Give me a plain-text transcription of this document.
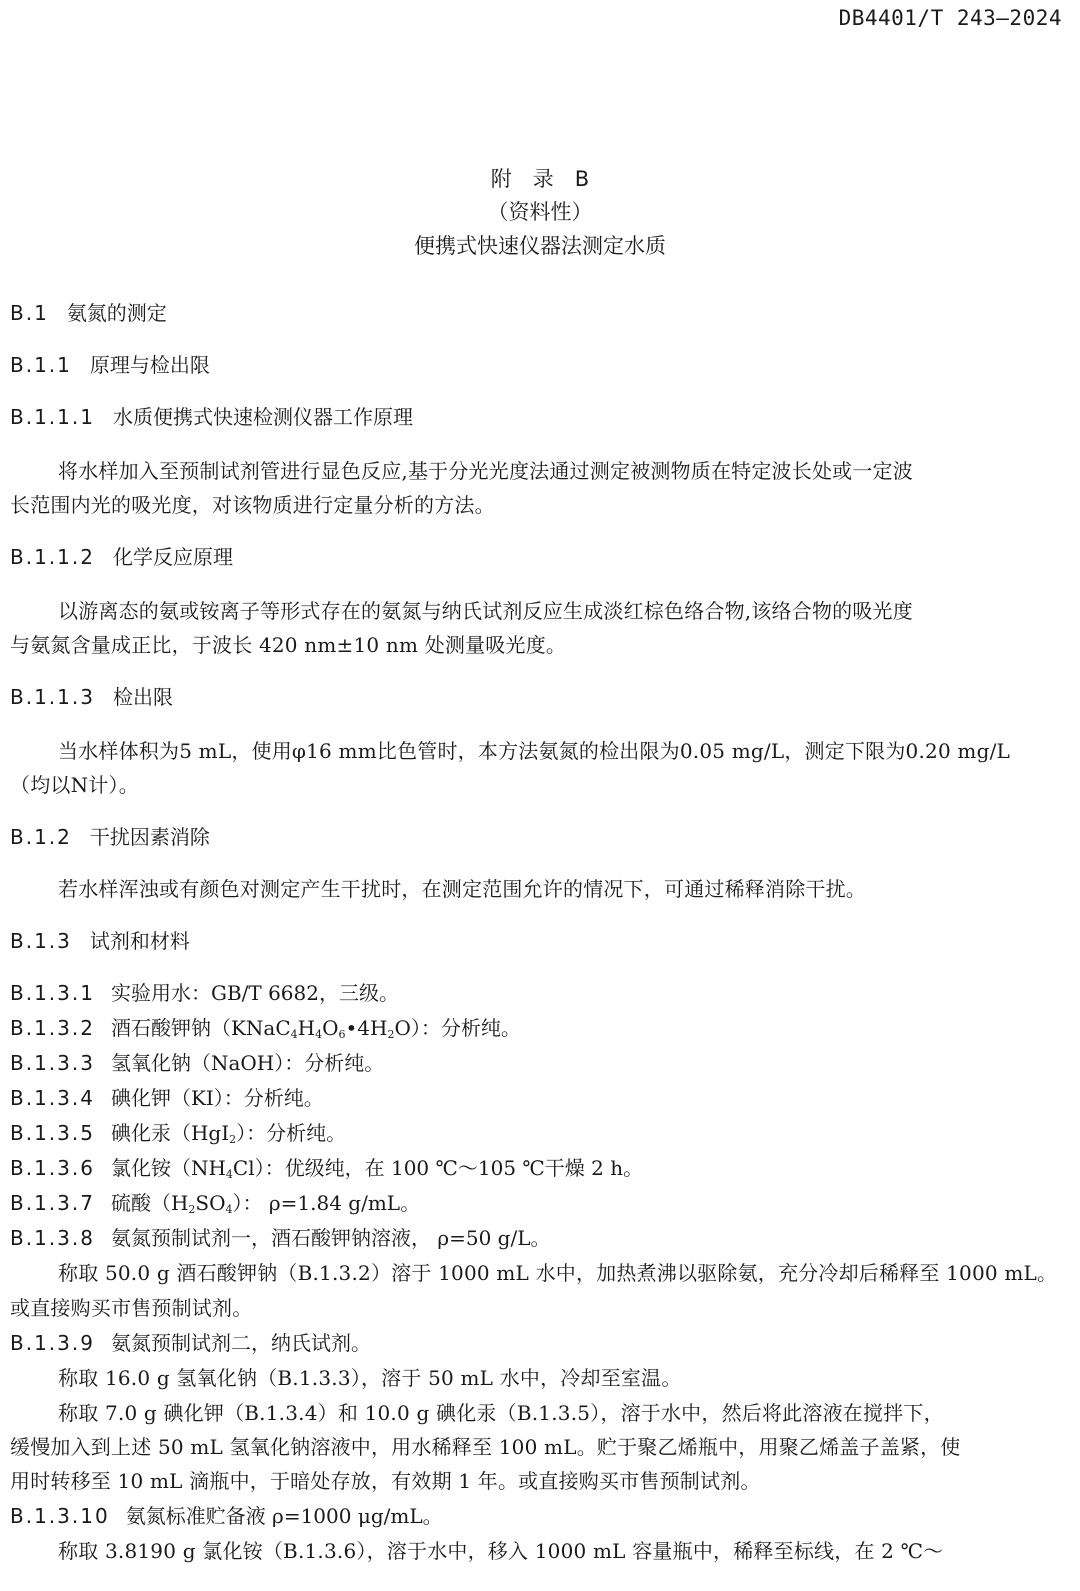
DB4401/T 243—2024
附　录　B
（资料性）
便携式快速仪器法测定水质
B.1 氨氮的测定
B.1.1 原理与检出限
B.1.1.1 水质便携式快速检测仪器工作原理
将水样加入至预制试剂管进行显色反应,基于分光光度法通过测定被测物质在特定波长处或一定波
长范围内光的吸光度，对该物质进行定量分析的方法。
B.1.1.2 化学反应原理
以游离态的氨或铵离子等形式存在的氨氮与纳氏试剂反应生成淡红棕色络合物,该络合物的吸光度
与氨氮含量成正比，于波长 420 nm±10 nm 处测量吸光度。
B.1.1.3 检出限
当水样体积为5 mL，使用φ16 mm比色管时，本方法氨氮的检出限为0.05 mg/L，测定下限为0.20 mg/L
（均以N计）。
B.1.2 干扰因素消除
若水样浑浊或有颜色对测定产生干扰时，在测定范围允许的情况下，可通过稀释消除干扰。
B.1.3 试剂和材料
B.1.3.1 实验用水：GB/T 6682，三级。
B.1.3.2 酒石酸钾钠$(KNaC_4H_4O_6•4H_2O)$：分析纯。
B.1.3.3 氢氧化钠（NaOH）：分析纯。
B.1.3.4 碘化钾（KI）：分析纯。
B.1.3.5 碘化汞（HgI$_2$）：分析纯。
B.1.3.6 氯化铵$(NH_4Cl)$：优级纯，在 100 ℃～105 ℃干燥 2 h。
B.1.3.7 硫酸$(H_2SO_4)$： ρ=1.84 g/mL。
B.1.3.8 氨氮预制试剂一，酒石酸钾钠溶液， ρ=50 g/L。
称取 50.0 g 酒石酸钾钠（B.1.3.2）溶于 1000 mL 水中，加热煮沸以驱除氨，充分冷却后稀释至 1000 mL。
或直接购买市售预制试剂。
B.1.3.9 氨氮预制试剂二，纳氏试剂。
称取 16.0 g 氢氧化钠（B.1.3.3），溶于 50 mL 水中，冷却至室温。
称取 7.0 g 碘化钾（B.1.3.4）和 10.0 g 碘化汞（B.1.3.5），溶于水中，然后将此溶液在搅拌下，
缓慢加入到上述 50 mL 氢氧化钠溶液中，用水稀释至 100 mL。贮于聚乙烯瓶中，用聚乙烯盖子盖紧，使
用时转移至 10 mL 滴瓶中，于暗处存放，有效期 1 年。或直接购买市售预制试剂。
B.1.3.10 氨氮标准贮备液 ρ=1000 μg/mL。
称取 3.8190 g 氯化铵（B.1.3.6），溶于水中，移入 1000 mL 容量瓶中，稀释至标线，在 2 ℃～
